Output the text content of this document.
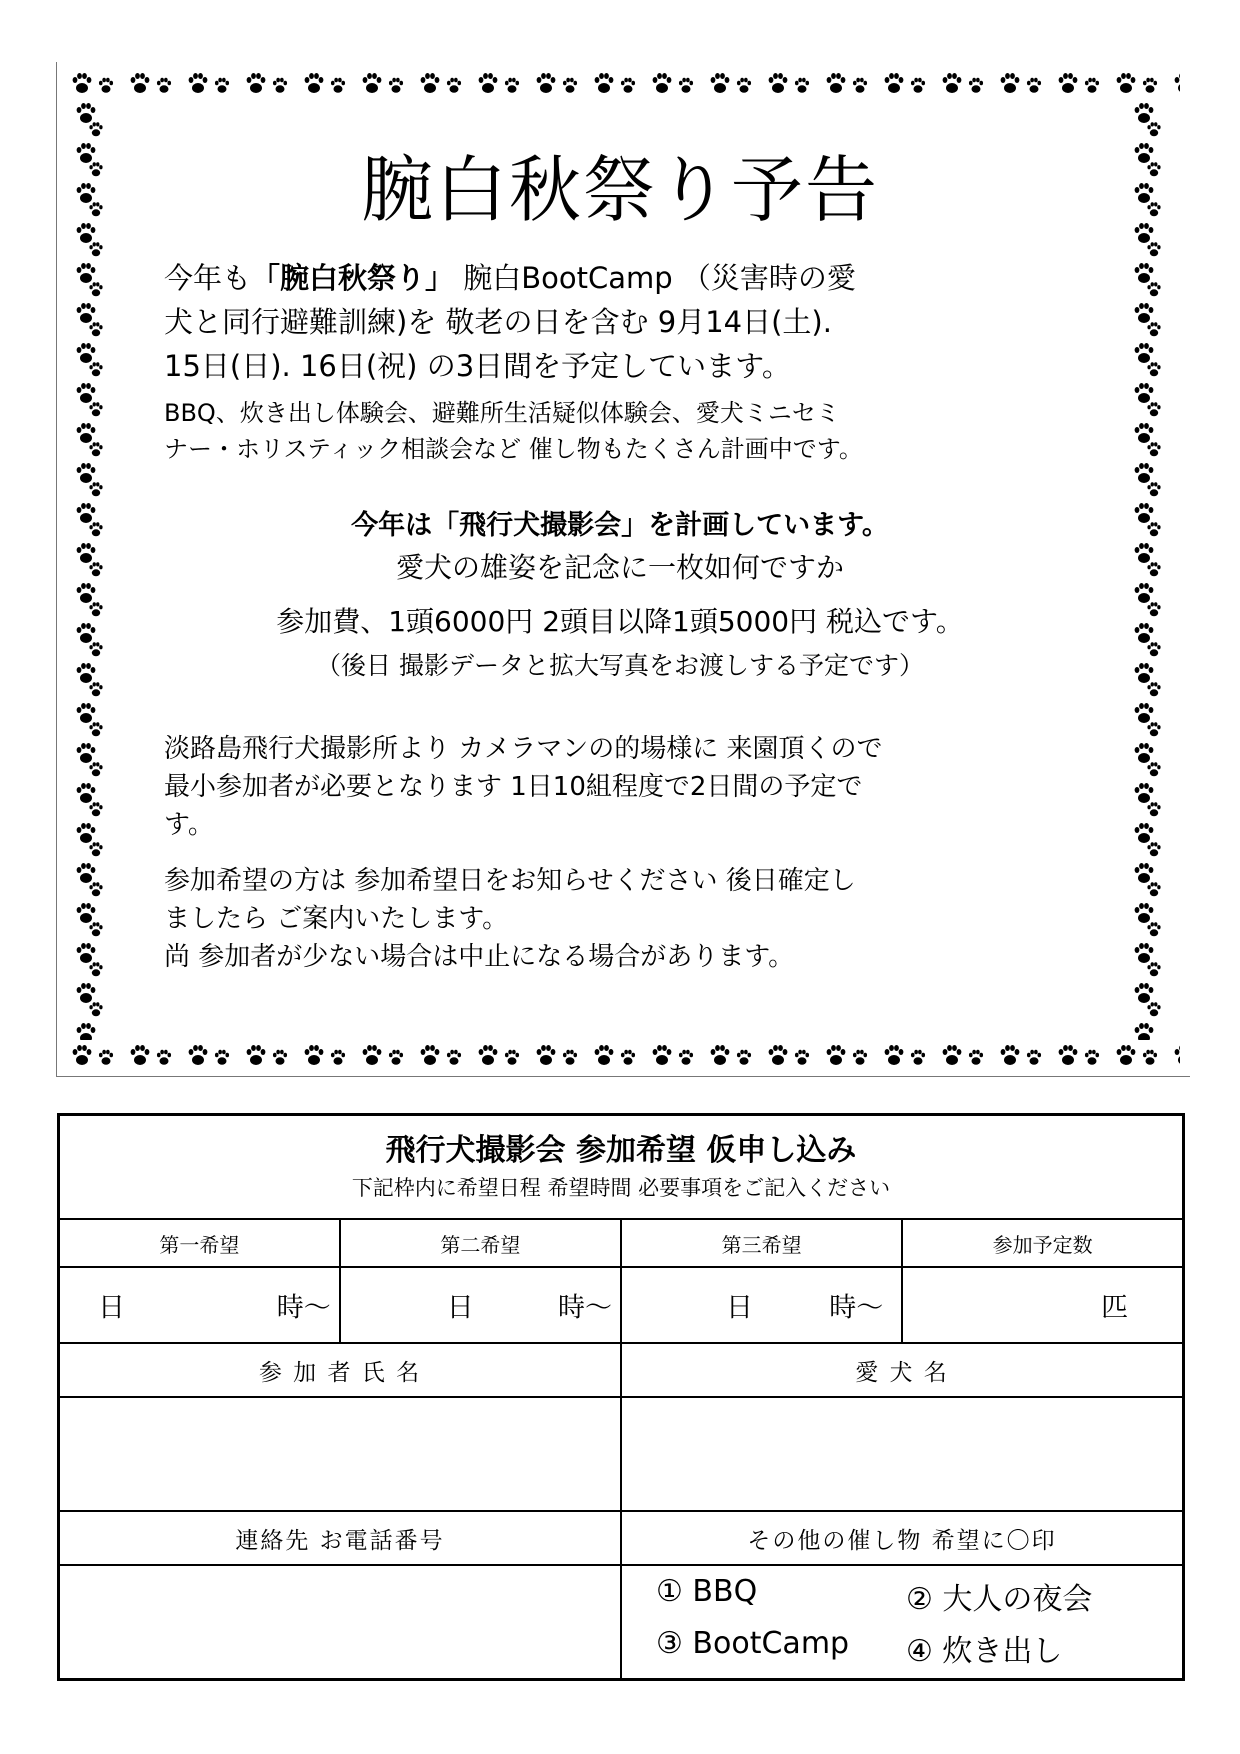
腕白秋祭り予告
今年も「腕白秋祭り」 腕白BootCamp （災害時の愛
犬と同行避難訓練)を 敬老の日を含む 9月14日(土).
15日(日). 16日(祝) の3日間を予定しています。
BBQ、炊き出し体験会、避難所生活疑似体験会、愛犬ミニセミ
ナー・ホリスティック相談会など 催し物もたくさん計画中です。
今年は「飛行犬撮影会」を計画しています。
愛犬の雄姿を記念に一枚如何ですか
参加費、1頭6000円 2頭目以降1頭5000円 税込です。
（後日 撮影データと拡大写真をお渡しする予定です）
淡路島飛行犬撮影所より カメラマンの的場様に 来園頂くので
最小参加者が必要となります 1日10組程度で2日間の予定で
す。
参加希望の方は 参加希望日をお知らせください 後日確定し
ましたら ご案内いたします。
尚 参加者が少ない場合は中止になる場合があります。
飛行犬撮影会 参加希望 仮申し込み
下記枠内に希望日程 希望時間 必要事項をご記入ください			

第一希望	第二希望	第三希望	参加予定数

日 時～	日 時～	日 時～	匹

参 加 者 氏 名		愛 犬 名	

連絡先 お電話番号		その他の催し物 希望に〇印	

		① BBQ ② 大人の夜会
③ BootCamp ④ 炊き出し	
